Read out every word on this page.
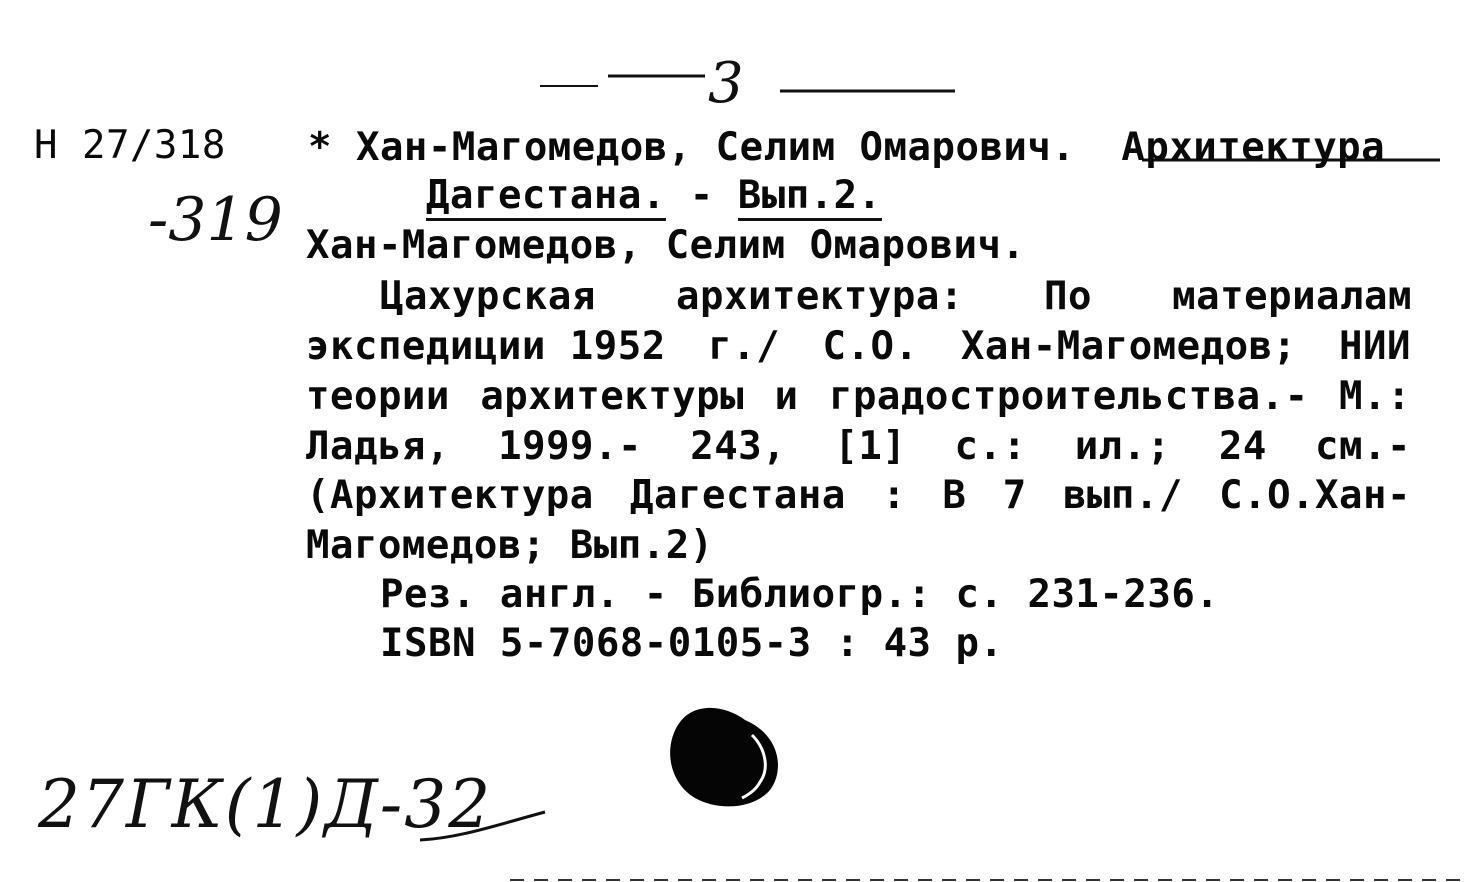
3
Н 27/318
-319
* Хан-Магомедов, Селим Омарович. Архитектура
Дагестана. - Вып.2.
Хан-Магомедов, Селим Омарович.
Цахурская архитектура: По материалам
экспедиции 1952 г./ С.О. Хан-Магомедов; НИИ
теории архитектуры и градостроительства.- М.:
Ладья, 1999.- 243, [1] с.: ил.; 24 см.-
(Архитектура Дагестана : В 7 вып./ С.О.Хан-
Магомедов; Вып.2)
Рез. англ. - Библиогр.: с. 231-236.
ISBN 5-7068-0105-3 : 43 р.
27ГК(1)Д-32
